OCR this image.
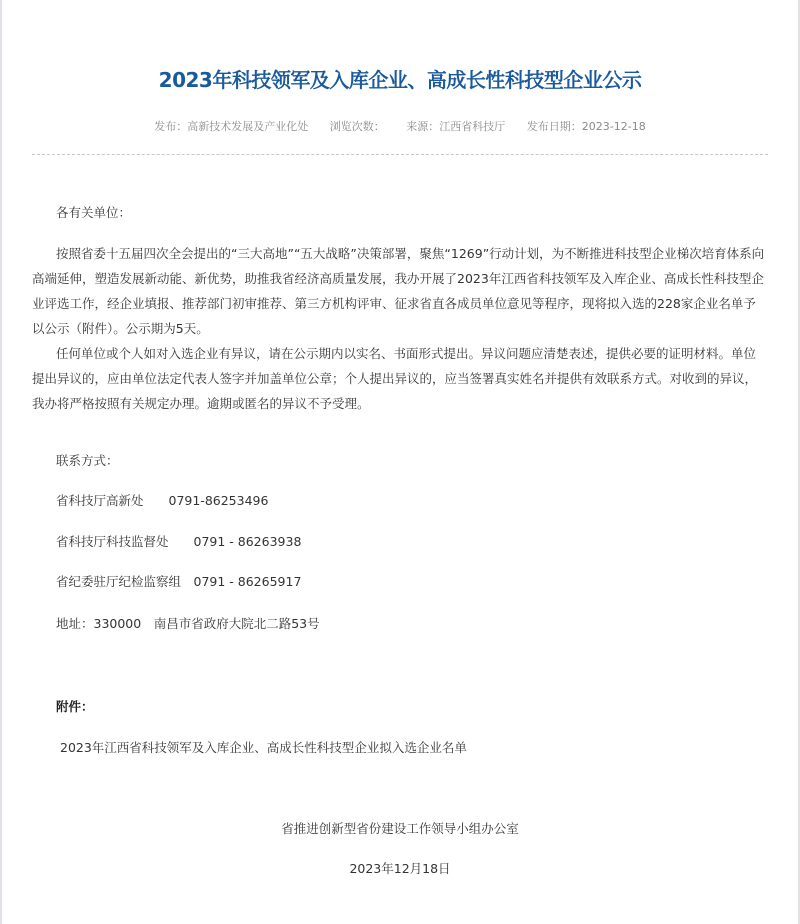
2023年科技领军及入库企业、高成长性科技型企业公示
发布：高新技术发展及产业化处 浏览次数： 来源：江西省科技厅 发布日期：2023-12-18

各有关单位：

按照省委十五届四次全会提出的“三大高地”“五大战略”决策部署，聚焦“1269”行动计划，为不断推进科技型企业梯次培育体系向高端延伸，塑造发展新动能、新优势，助推我省经济高质量发展，我办开展了2023年江西省科技领军及入库企业、高成长性科技型企业评选工作，经企业填报、推荐部门初审推荐、第三方机构评审、征求省直各成员单位意见等程序，现将拟入选的228家企业名单予以公示（附件）。公示期为5天。

任何单位或个人如对入选企业有异议，请在公示期内以实名、书面形式提出。异议问题应清楚表述，提供必要的证明材料。单位提出异议的，应由单位法定代表人签字并加盖单位公章；个人提出异议的，应当签署真实姓名并提供有效联系方式。对收到的异议，我办将严格按照有关规定办理。逾期或匿名的异议不予受理。

联系方式：

省科技厅高新处　　0791-86253496

省科技厅科技监督处　　0791 - 86263938

省纪委驻厅纪检监察组　0791 - 86265917

地址：330000　南昌市省政府大院北二路53号

附件：

2023年江西省科技领军及入库企业、高成长性科技型企业拟入选企业名单

省推进创新型省份建设工作领导小组办公室

2023年12月18日
